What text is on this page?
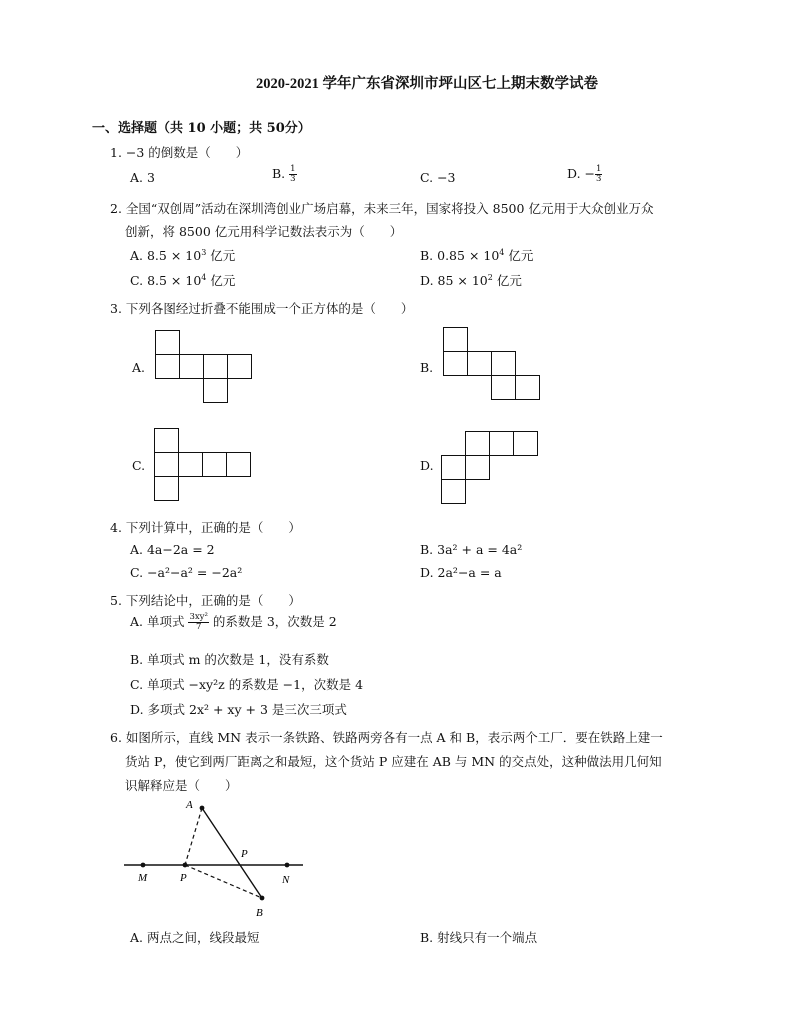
2020-2021 学年广东省深圳市坪山区七上期末数学试卷
一、选择题（共 10 小题；共 50分）
1. −3 的倒数是（　　）
A. 3	B. $\frac{1}{3}$	C. −3	D. − $\frac{1}{3}$
2. 全国“双创周”活动在深圳湾创业广场启幕，未来三年，国家将投入 8500 亿元用于大众创业万众
创新，将 8500 亿元用科学记数法表示为（　　）
A. $8.5 \times 10^3$ 亿元	B. $0.85 \times 10^4$ 亿元
C. $8.5 \times 10^4$ 亿元	D. $85 \times 10^2$ 亿元
3. 下列各图经过折叠不能围成一个正方体的是（　　）
A.	B.
C.	D.
4. 下列计算中，正确的是（　　）
A. 4a−2a = 2	B. 3a² + a = 4a²
C. −a²−a² = −2a²	D. 2a²−a = a
5. 下列结论中，正确的是（　　）
A. 单项式 $\frac{\text{3xy²}}{7}$ 的系数是 3，次数是 2
B. 单项式 m 的次数是 1，没有系数
C. 单项式 −xy²z 的系数是 −1，次数是 4
D. 多项式 2x² + xy + 3 是三次三项式
6. 如图所示，直线 MN 表示一条铁路、铁路两旁各有一点 A 和 B，表示两个工厂．要在铁路上建一
货站 P，使它到两厂距离之和最短，这个货站 P 应建在 AB 与 MN 的交点处，这种做法用几何知
识解释应是（　　）
A
P
M	P	N
B
A. 两点之间，线段最短	B. 射线只有一个端点
